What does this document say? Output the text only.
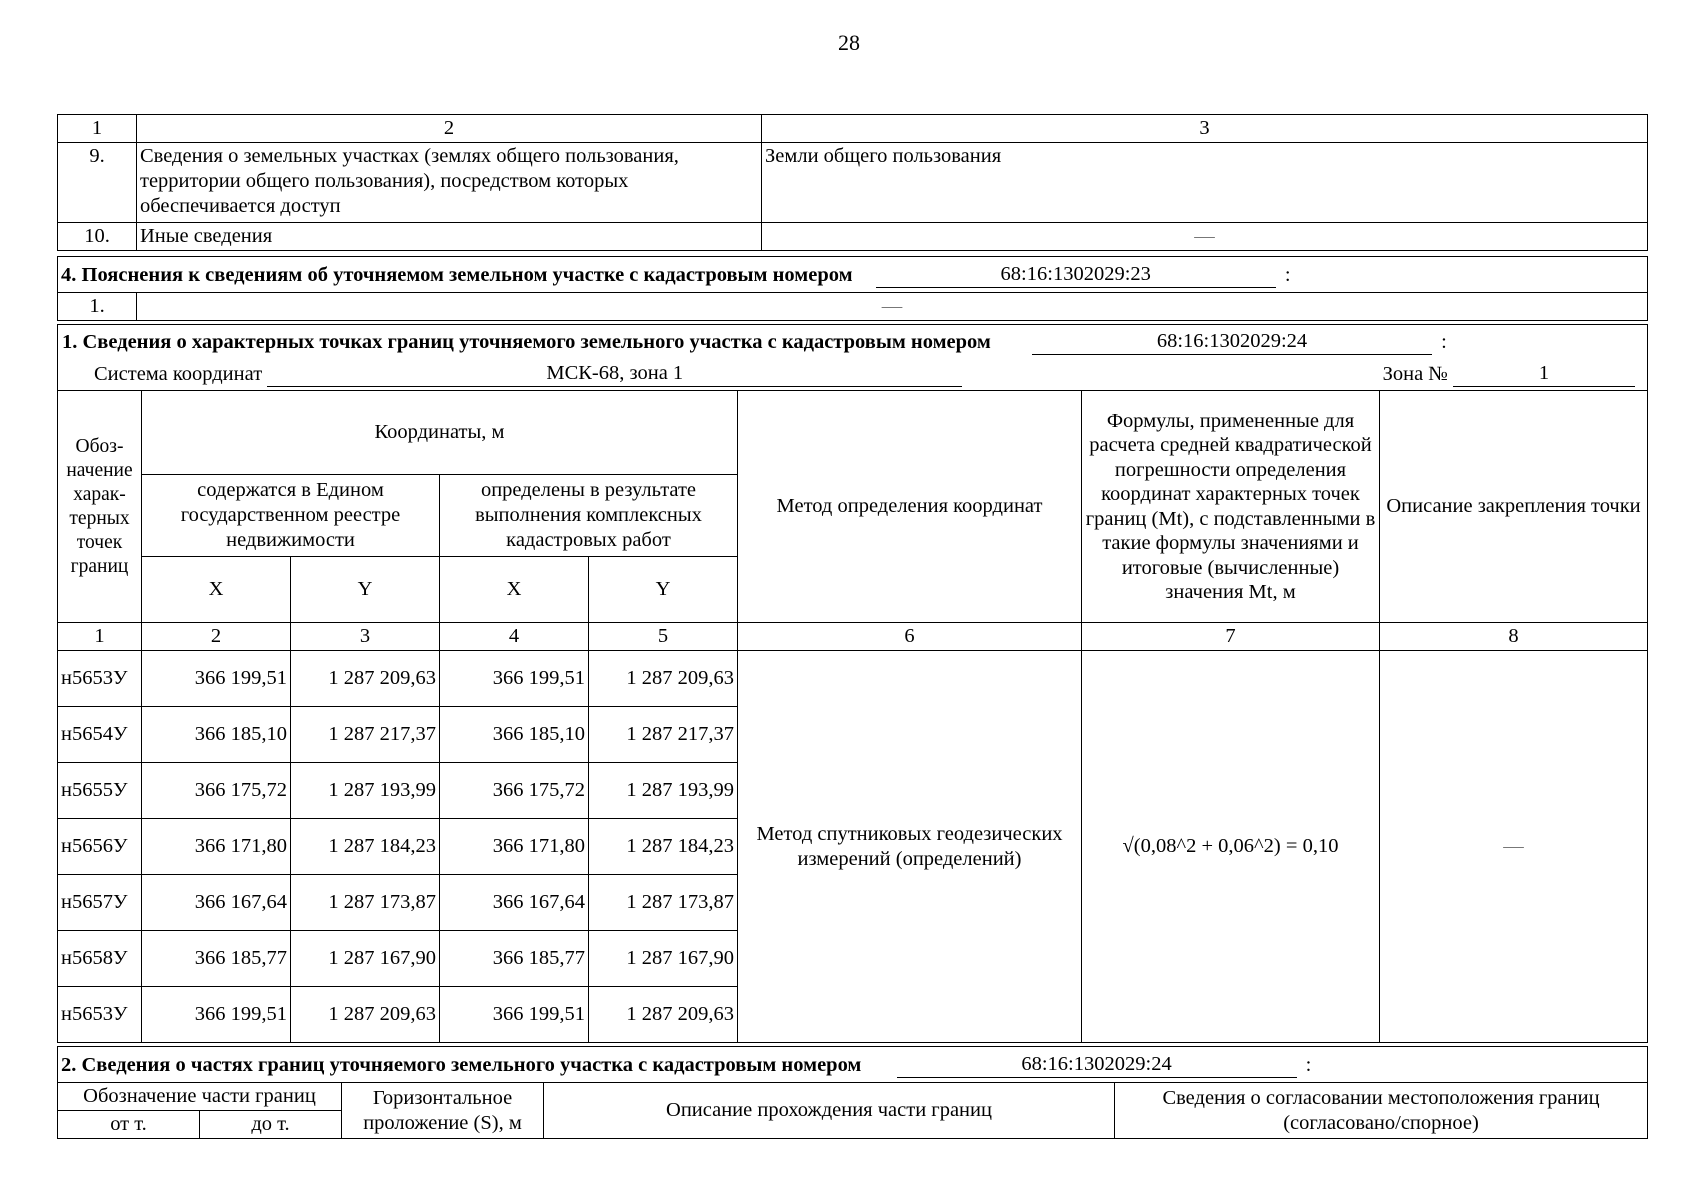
28
1	2	3
9.	Сведения о земельных участках (землях общего пользования, территории общего пользования), посредством которых обеспечивается доступ	Земли общего пользования
10.	Иные сведения	—
4. Пояснения к сведениям об уточняемом земельном участке с кадастровым номером	68:16:1302029:23	:
1.	—
1. Сведения о характерных точках границ уточняемого земельного участка с кадастровым номером 68:16:1302029:24 :
Система координат МСК-68, зона 1 Зона № 1							

Обоз-начение харак-терных точек границ	Координаты, м				Метод определения координат	Формулы, примененные для расчета средней квадратической погрешности определения координат характерных точек границ (Mt), с подставленными в такие формулы значениями и итоговые (вычисленные) значения Mt, м	Описание закрепления точки
	содержатся в Едином государственном реестре недвижимости		определены в результате выполнения комплексных кадастровых работ				
	X	Y	X	Y			
1	2	3	4	5	6	7	8
н5653У	366 199,51	1 287 209,63	366 199,51	1 287 209,63	Метод спутниковых геодезических измерений (определений)	√(0,08^2 + 0,06^2) = 0,10	—
н5654У	366 185,10	1 287 217,37	366 185,10	1 287 217,37			
н5655У	366 175,72	1 287 193,99	366 175,72	1 287 193,99			
н5656У	366 171,80	1 287 184,23	366 171,80	1 287 184,23			
н5657У	366 167,64	1 287 173,87	366 167,64	1 287 173,87			
н5658У	366 185,77	1 287 167,90	366 185,77	1 287 167,90			
н5653У	366 199,51	1 287 209,63	366 199,51	1 287 209,63			
2. Сведения о частях границ уточняемого земельного участка с кадастровым номером 68:16:1302029:24 :				
Обозначение части границ		Горизонтальное проложение (S), м	Описание прохождения части границ	Сведения о согласовании местоположения границ (согласовано/спорное)
от т.	до т.			
